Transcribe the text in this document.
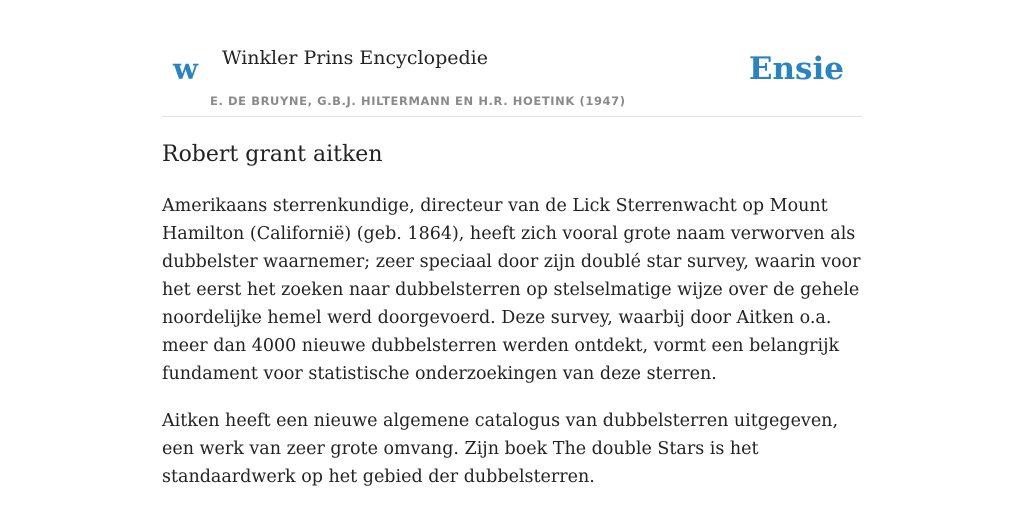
w Winkler Prins Encyclopedie	Ensie
E. DE BRUYNE, G.B.J. HILTERMANN EN H.R. HOETINK (1947)
Robert grant aitken

Amerikaans sterrenkundige, directeur van de Lick Sterrenwacht op Mount Hamilton (Californië) (geb. 1864), heeft zich vooral grote naam verworven als dubbelster waarnemer; zeer speciaal door zijn doublé star survey, waarin voor het eerst het zoeken naar dubbelsterren op stelselmatige wijze over de gehele noordelijke hemel werd doorgevoerd. Deze survey, waarbij door Aitken o.a. meer dan 4000 nieuwe dubbelsterren werden ontdekt, vormt een belangrijk fundament voor statistische onderzoekingen van deze sterren.

Aitken heeft een nieuwe algemene catalogus van dubbelsterren uitgegeven, een werk van zeer grote omvang. Zijn boek The double Stars is het standaardwerk op het gebied der dubbelsterren.
